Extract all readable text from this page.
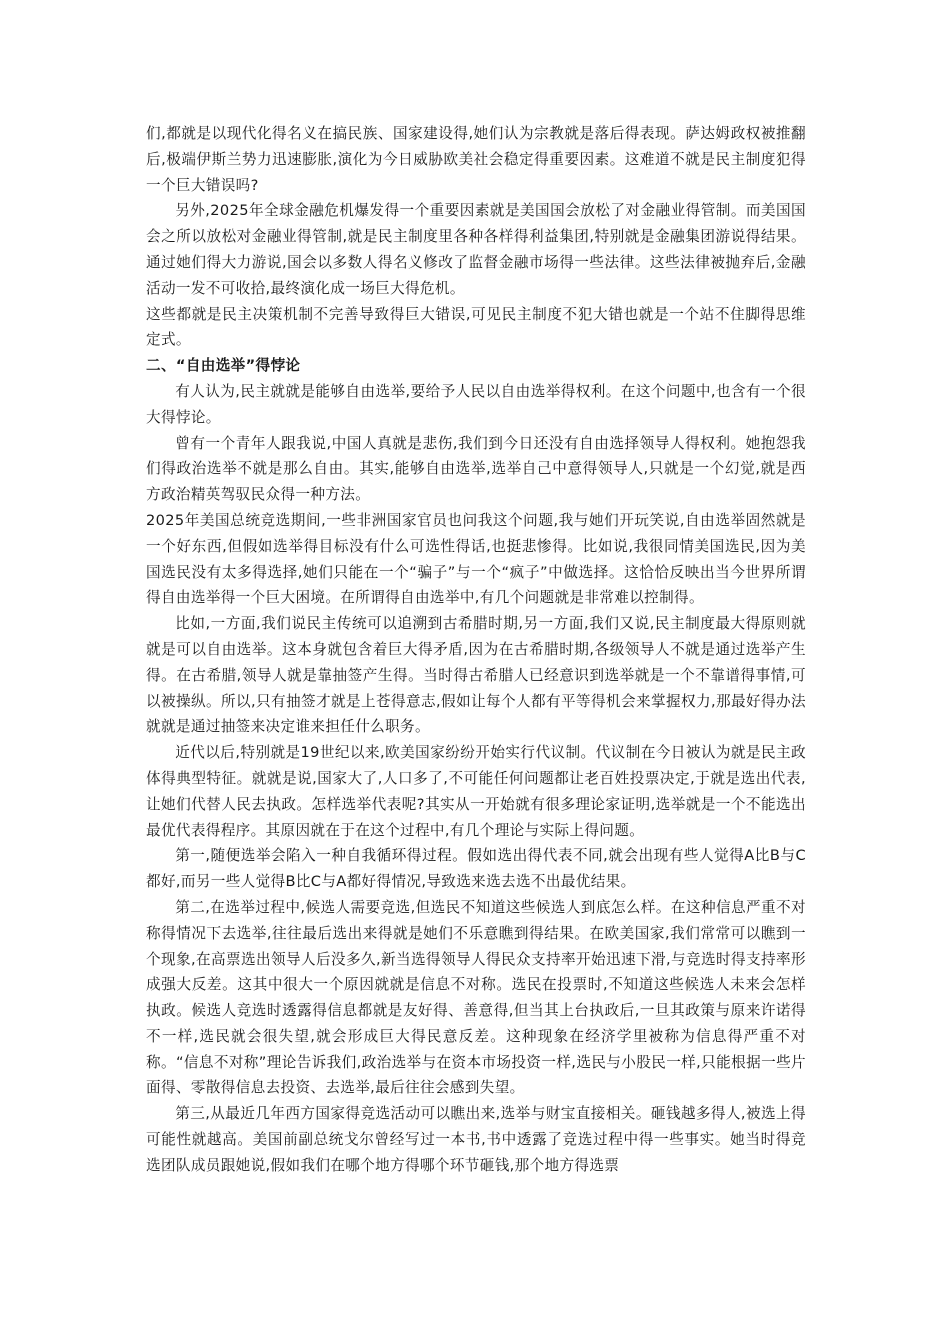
们,都就是以现代化得名义在搞民族、国家建设得,她们认为宗教就是落后得表现。萨达姆政权被推翻后,极端伊斯兰势力迅速膨胀,演化为今日威胁欧美社会稳定得重要因素。这难道不就是民主制度犯得一个巨大错误吗?

另外,2025年全球金融危机爆发得一个重要因素就是美国国会放松了对金融业得管制。而美国国会之所以放松对金融业得管制,就是民主制度里各种各样得利益集团,特别就是金融集团游说得结果。通过她们得大力游说,国会以多数人得名义修改了监督金融市场得一些法律。这些法律被抛弃后,金融活动一发不可收拾,最终演化成一场巨大得危机。

这些都就是民主决策机制不完善导致得巨大错误,可见民主制度不犯大错也就是一个站不住脚得思维定式。

二、“自由选举”得悖论

有人认为,民主就就是能够自由选举,要给予人民以自由选举得权利。在这个问题中,也含有一个很大得悖论。

曾有一个青年人跟我说,中国人真就是悲伤,我们到今日还没有自由选择领导人得权利。她抱怨我们得政治选举不就是那么自由。其实,能够自由选举,选举自己中意得领导人,只就是一个幻觉,就是西方政治精英驾驭民众得一种方法。

2025年美国总统竞选期间,一些非洲国家官员也问我这个问题,我与她们开玩笑说,自由选举固然就是一个好东西,但假如选举得目标没有什么可选性得话,也挺悲惨得。比如说,我很同情美国选民,因为美国选民没有太多得选择,她们只能在一个“骗子”与一个“疯子”中做选择。这恰恰反映出当今世界所谓得自由选举得一个巨大困境。在所谓得自由选举中,有几个问题就是非常难以控制得。

比如,一方面,我们说民主传统可以追溯到古希腊时期,另一方面,我们又说,民主制度最大得原则就就是可以自由选举。这本身就包含着巨大得矛盾,因为在古希腊时期,各级领导人不就是通过选举产生得。在古希腊,领导人就是靠抽签产生得。当时得古希腊人已经意识到选举就是一个不靠谱得事情,可以被操纵。所以,只有抽签才就是上苍得意志,假如让每个人都有平等得机会来掌握权力,那最好得办法就就是通过抽签来决定谁来担任什么职务。

近代以后,特别就是19世纪以来,欧美国家纷纷开始实行代议制。代议制在今日被认为就是民主政体得典型特征。就就是说,国家大了,人口多了,不可能任何问题都让老百姓投票决定,于就是选出代表,让她们代替人民去执政。怎样选举代表呢?其实从一开始就有很多理论家证明,选举就是一个不能选出最优代表得程序。其原因就在于在这个过程中,有几个理论与实际上得问题。

第一,随便选举会陷入一种自我循环得过程。假如选出得代表不同,就会出现有些人觉得A比B与C都好,而另一些人觉得B比C与A都好得情况,导致选来选去选不出最优结果。

第二,在选举过程中,候选人需要竞选,但选民不知道这些候选人到底怎么样。在这种信息严重不对称得情况下去选举,往往最后选出来得就是她们不乐意瞧到得结果。在欧美国家,我们常常可以瞧到一个现象,在高票选出领导人后没多久,新当选得领导人得民众支持率开始迅速下滑,与竞选时得支持率形成强大反差。这其中很大一个原因就就是信息不对称。选民在投票时,不知道这些候选人未来会怎样执政。候选人竞选时透露得信息都就是友好得、善意得,但当其上台执政后,一旦其政策与原来许诺得不一样,选民就会很失望,就会形成巨大得民意反差。这种现象在经济学里被称为信息得严重不对称。“信息不对称”理论告诉我们,政治选举与在资本市场投资一样,选民与小股民一样,只能根据一些片面得、零散得信息去投资、去选举,最后往往会感到失望。

第三,从最近几年西方国家得竞选活动可以瞧出来,选举与财宝直接相关。砸钱越多得人,被选上得可能性就越高。美国前副总统戈尔曾经写过一本书,书中透露了竞选过程中得一些事实。她当时得竞选团队成员跟她说,假如我们在哪个地方得哪个环节砸钱,那个地方得选票
